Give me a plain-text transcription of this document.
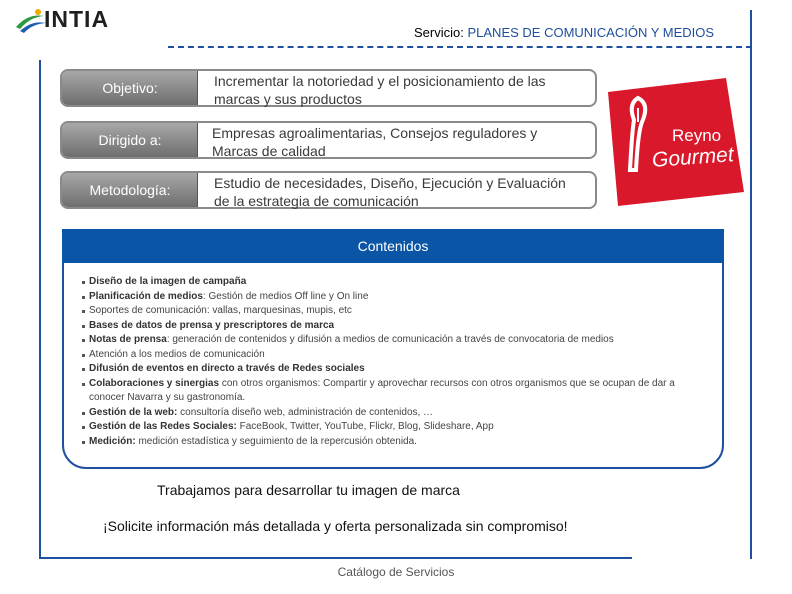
INTIA
Servicio: PLANES DE COMUNICACIÓN Y MEDIOS
Objetivo:	Incrementar la notoriedad y el posicionamiento de las
marcas y sus productos
Dirigido a:	Empresas agroalimentarias, Consejos reguladores y
Marcas de calidad
Metodología:	Estudio de necesidades, Diseño, Ejecución y Evaluación
de la estrategia de comunicación
Reyno
Gourmet
Contenidos
Diseño de la imagen de campaña
Planificación de medios: Gestión de medios Off line y On line
Soportes de comunicación: vallas, marquesinas, mupis, etc
Bases de datos de prensa y prescriptores de marca
Notas de prensa: generación de contenidos y difusión a medios de comunicación a través de convocatoria de medios
Atención a los medios de comunicación
Difusión de eventos en directo a través de Redes sociales
Colaboraciones y sinergias con otros organismos: Compartir y aprovechar recursos con otros organismos que se ocupan de dar a conocer Navarra y su gastronomía.
Gestión de la web: consultoría diseño web, administración de contenidos, …
Gestión de las Redes Sociales: FaceBook, Twitter, YouTube, Flickr, Blog, Slideshare, App
Medición: medición estadística y seguimiento de la repercusión obtenida.
Trabajamos para desarrollar tu imagen de marca
¡Solicite información más detallada y oferta personalizada sin compromiso!
Catálogo de Servicios
